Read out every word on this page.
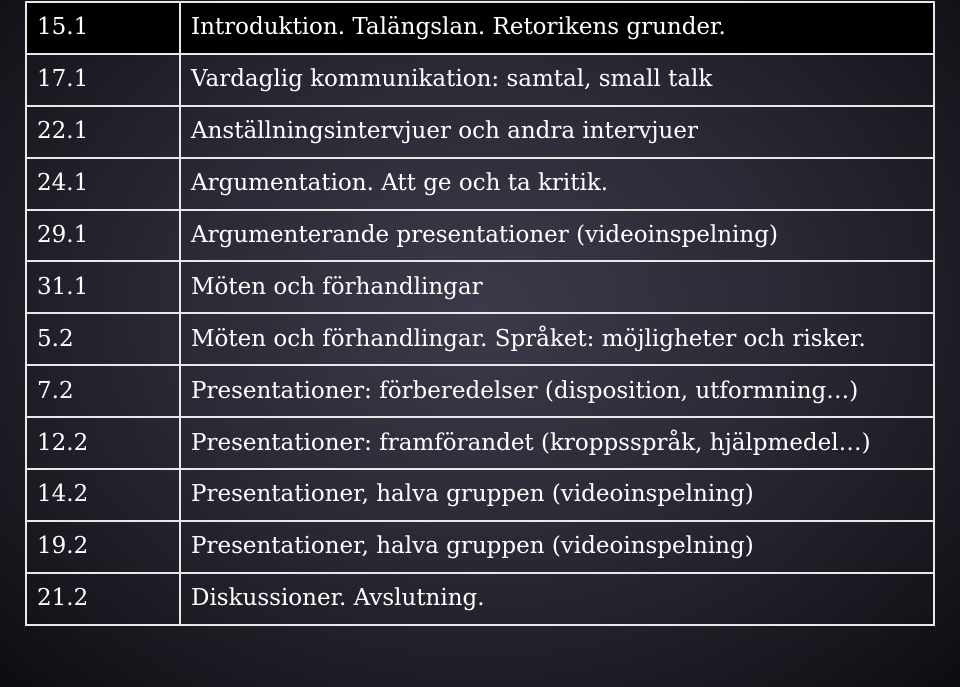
15.1	Introduktion. Talängslan. Retorikens grunder.
17.1	Vardaglig kommunikation: samtal, small talk
22.1	Anställningsintervjuer och andra intervjuer
24.1	Argumentation. Att ge och ta kritik.
29.1	Argumenterande presentationer (videoinspelning)
31.1	Möten och förhandlingar
5.2	Möten och förhandlingar. Språket: möjligheter och risker.
7.2	Presentationer: förberedelser (disposition, utformning…)
12.2	Presentationer: framförandet (kroppsspråk, hjälpmedel…)
14.2	Presentationer, halva gruppen (videoinspelning)
19.2	Presentationer, halva gruppen (videoinspelning)
21.2	Diskussioner. Avslutning.
